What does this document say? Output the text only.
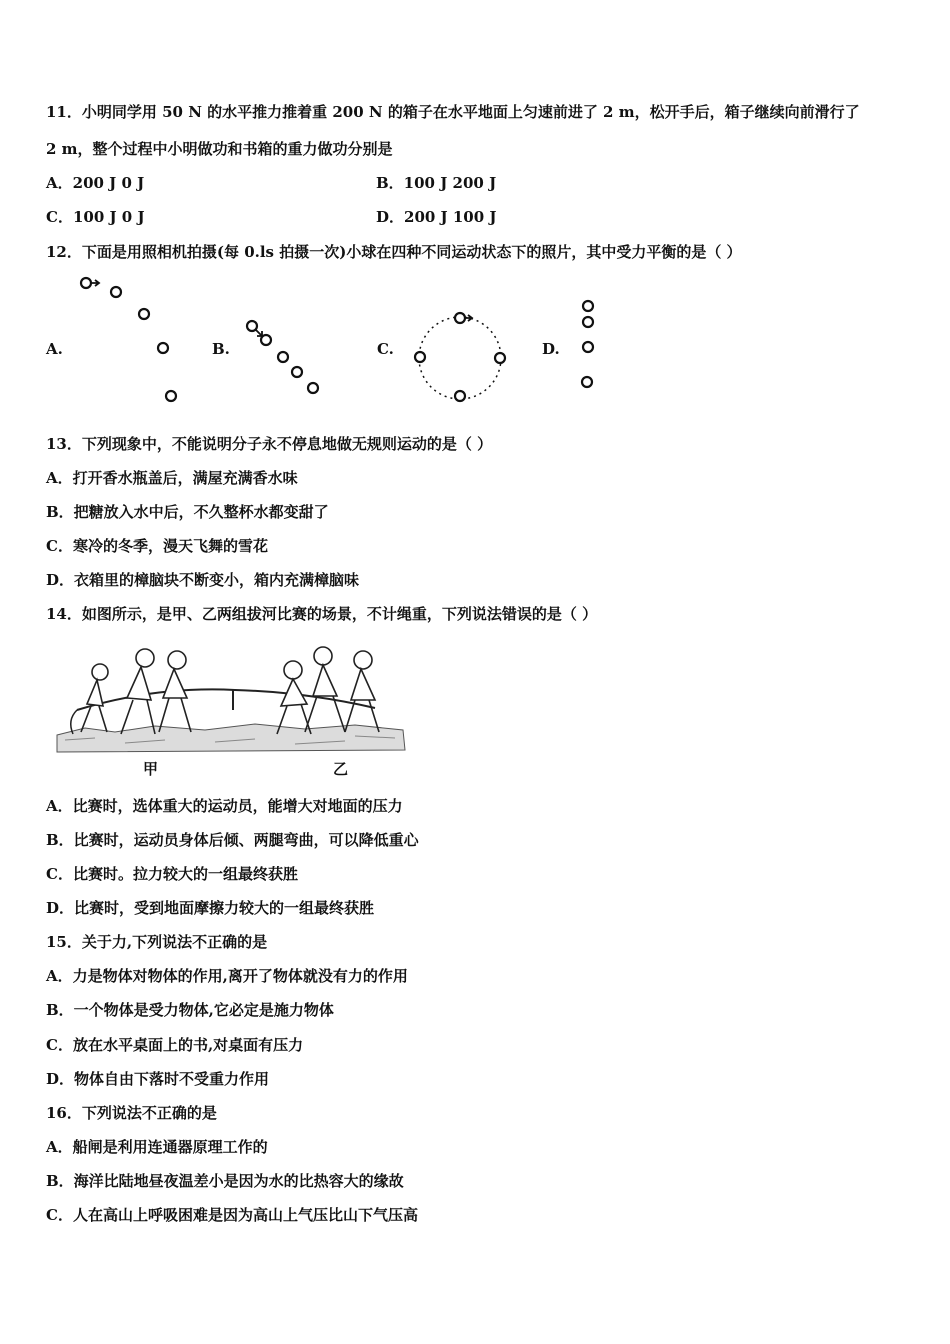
11．小明同学用 50 N 的水平推力推着重 200 N 的箱子在水平地面上匀速前进了 2 m，松开手后，箱子继续向前滑行了
2 m，整个过程中小明做功和书箱的重力做功分别是
A．200 J 0 J	B．100 J 200 J
C．100 J 0 J	D．200 J 100 J
12．下面是用照相机拍摄(每 0.ls 拍摄一次)小球在四种不同运动状态下的照片，其中受力平衡的是（ ）
A.	B.	C.	D.
13．下列现象中，不能说明分子永不停息地做无规则运动的是（ ）
A．打开香水瓶盖后，满屋充满香水味
B．把糖放入水中后，不久整杯水都变甜了
C．寒冷的冬季，漫天飞舞的雪花
D．衣箱里的樟脑块不断变小，箱内充满樟脑味
14．如图所示，是甲、乙两组拔河比赛的场景，不计绳重，下列说法错误的是（ ）
甲	乙
A．比赛时，选体重大的运动员，能增大对地面的压力
B．比赛时，运动员身体后倾、两腿弯曲，可以降低重心
C．比赛时。拉力较大的一组最终获胜
D．比赛时，受到地面摩擦力较大的一组最终获胜
15．关于力,下列说法不正确的是
A．力是物体对物体的作用,离开了物体就没有力的作用
B．一个物体是受力物体,它必定是施力物体
C．放在水平桌面上的书,对桌面有压力
D．物体自由下落时不受重力作用
16．下列说法不正确的是
A．船闸是利用连通器原理工作的
B．海洋比陆地昼夜温差小是因为水的比热容大的缘故
C．人在高山上呼吸困难是因为高山上气压比山下气压高
